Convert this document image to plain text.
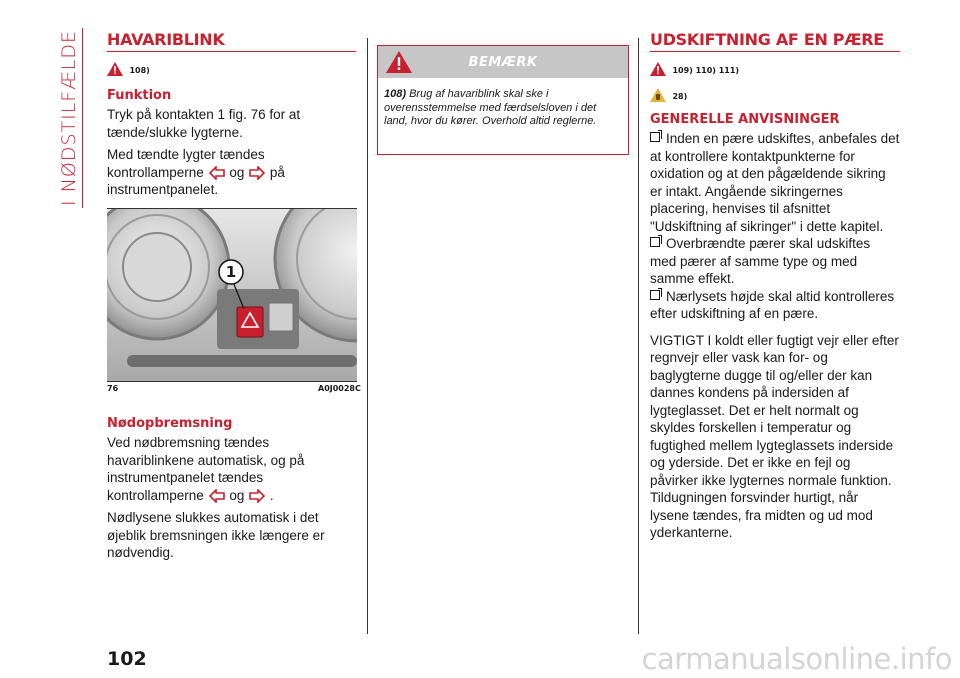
I NØDSTILFÆLDE HAVARIBLINK
108)
Funktion

Tryk på kontakten 1 fig. 76 for at tænde/slukke lygterne.

Med tændte lygter tændes kontrollamperne og på instrumentpanelet.

1
76	A0J0028C
Nødopbremsning

Ved nødbremsning tændes havariblinkene automatisk, og på instrumentpanelet tændes kontrollamperne og .

Nødlysene slukkes automatisk i det øjeblik bremsningen ikke længere er nødvendig.

BEMÆRK
108) Brug af havariblink skal ske i overensstemmelse med færdselsloven i det land, hvor du kører. Overhold altid reglerne.
UDSKIFTNING AF EN PÆRE
109) 110) 111)
28)
GENERELLE ANVISNINGER

Inden en pære udskiftes, anbefales det at kontrollere kontaktpunkterne for oxidation og at den pågældende sikring er intakt. Angående sikringernes placering, henvises til afsnittet "Udskiftning af sikringer" i dette kapitel.

Overbrændte pærer skal udskiftes med pærer af samme type og med samme effekt.

Nærlysets højde skal altid kontrolleres efter udskiftning af en pære.

VIGTIGT I koldt eller fugtigt vejr eller efter regnvejr eller vask kan for- og baglygterne dugge til og/eller der kan dannes kondens på indersiden af lygteglasset. Det er helt normalt og skyldes forskellen i temperatur og fugtighed mellem lygteglassets inderside og yderside. Det er ikke en fejl og påvirker ikke lygternes normale funktion. Tildugningen forsvinder hurtigt, når lysene tændes, fra midten og ud mod yderkanterne.

102	carmanualsonline.info
